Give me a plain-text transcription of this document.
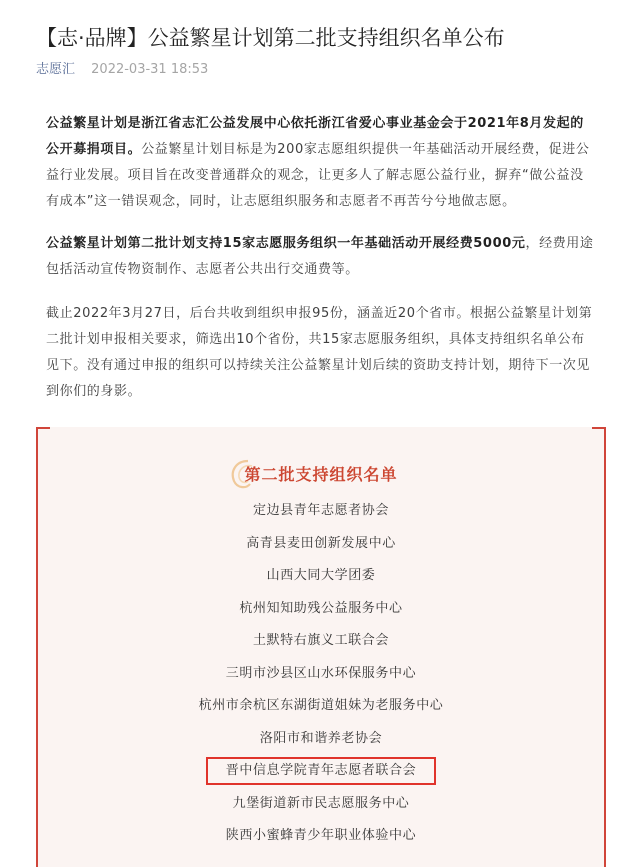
【志·品牌】公益繁星计划第二批支持组织名单公布
志愿汇 2022-03-31 18:53

公益繁星计划是浙江省志汇公益发展中心依托浙江省爱心事业基金会于2021年8月发起的公开募捐项目。公益繁星计划目标是为200家志愿组织提供一年基础活动开展经费，促进公益行业发展。项目旨在改变普通群众的观念，让更多人了解志愿公益行业，摒弃“做公益没有成本”这一错误观念，同时，让志愿组织服务和志愿者不再苦兮兮地做志愿。

公益繁星计划第二批计划支持15家志愿服务组织一年基础活动开展经费5000元，经费用途包括活动宣传物资制作、志愿者公共出行交通费等。

截止2022年3月27日，后台共收到组织申报95份，涵盖近20个省市。根据公益繁星计划第二批计划申报相关要求，筛选出10个省份，共15家志愿服务组织，具体支持组织名单公布见下。没有通过申报的组织可以持续关注公益繁星计划后续的资助支持计划，期待下一次见到你们的身影。

第二批支持组织名单
定边县青年志愿者协会
高青县麦田创新发展中心
山西大同大学团委
杭州知知助残公益服务中心
土默特右旗义工联合会
三明市沙县区山水环保服务中心
杭州市余杭区东湖街道姐妹为老服务中心
洛阳市和谐养老协会
晋中信息学院青年志愿者联合会
九堡街道新市民志愿服务中心
陕西小蜜蜂青少年职业体验中心
